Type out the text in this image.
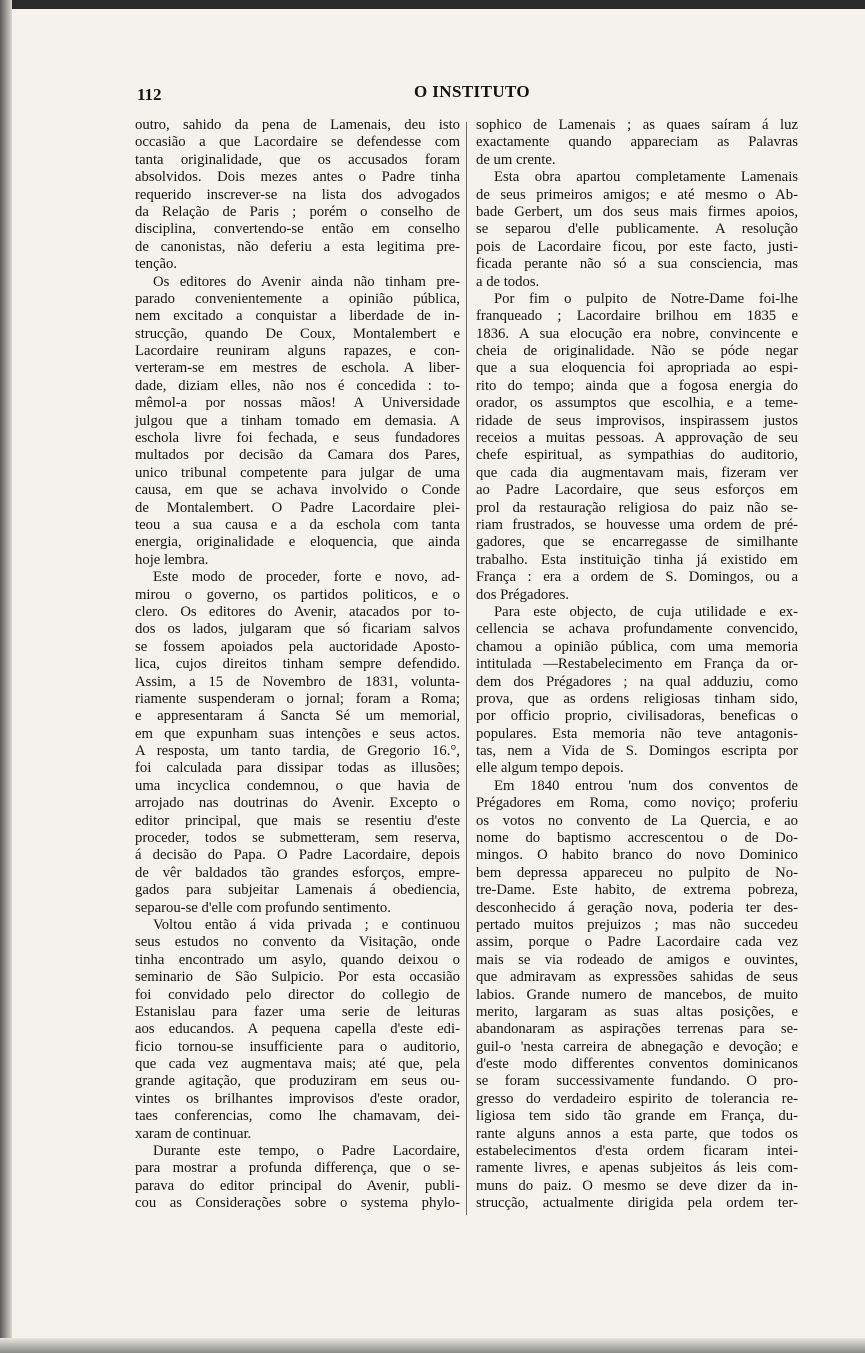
112	O INSTITUTO
outro, sahido da pena de Lamenais, deu isto
occasião a que Lacordaire se defendesse com
tanta originalidade, que os accusados foram
absolvidos. Dois mezes antes o Padre tinha
requerido inscrever-se na lista dos advogados
da Relação de Paris ; porém o conselho de
disciplina, convertendo-se então em conselho
de canonistas, não deferiu a esta legitima pre-
tenção.
Os editores do Avenir ainda não tinham pre-
parado convenientemente a opinião pública,
nem excitado a conquistar a liberdade de in-
strucção, quando De Coux, Montalembert e
Lacordaire reuniram alguns rapazes, e con-
verteram-se em mestres de eschola. A liber-
dade, diziam elles, não nos é concedida : to-
mêmol-a por nossas mãos! A Universidade
julgou que a tinham tomado em demasia. A
eschola livre foi fechada, e seus fundadores
multados por decisão da Camara dos Pares,
unico tribunal competente para julgar de uma
causa, em que se achava involvido o Conde
de Montalembert. O Padre Lacordaire plei-
teou a sua causa e a da eschola com tanta
energia, originalidade e eloquencia, que ainda
hoje lembra.
Este modo de proceder, forte e novo, ad-
mirou o governo, os partidos politicos, e o
clero. Os editores do Avenir, atacados por to-
dos os lados, julgaram que só ficariam salvos
se fossem apoiados pela auctoridade Aposto-
lica, cujos direitos tinham sempre defendido.
Assim, a 15 de Novembro de 1831, volunta-
riamente suspenderam o jornal; foram a Roma;
e appresentaram á Sancta Sé um memorial,
em que expunham suas intenções e seus actos.
A resposta, um tanto tardia, de Gregorio 16.°,
foi calculada para dissipar todas as illusões;
uma incyclica condemnou, o que havia de
arrojado nas doutrinas do Avenir. Excepto o
editor principal, que mais se resentiu d'este
proceder, todos se submetteram, sem reserva,
á decisão do Papa. O Padre Lacordaire, depois
de vêr baldados tão grandes esforços, empre-
gados para subjeitar Lamenais á obediencia,
separou-se d'elle com profundo sentimento.
Voltou então á vida privada ; e continuou
seus estudos no convento da Visitação, onde
tinha encontrado um asylo, quando deixou o
seminario de São Sulpicio. Por esta occasião
foi convidado pelo director do collegio de
Estanislau para fazer uma serie de leituras
aos educandos. A pequena capella d'este edi-
ficio tornou-se insufficiente para o auditorio,
que cada vez augmentava mais; até que, pela
grande agitação, que produziram em seus ou-
vintes os brilhantes improvisos d'este orador,
taes conferencias, como lhe chamavam, dei-
xaram de continuar.
Durante este tempo, o Padre Lacordaire,
para mostrar a profunda differença, que o se-
parava do editor principal do Avenir, publi-
cou as Considerações sobre o systema phylo-
sophico de Lamenais ; as quaes saíram á luz
exactamente quando appareciam as Palavras
de um crente.
Esta obra apartou completamente Lamenais
de seus primeiros amigos; e até mesmo o Ab-
bade Gerbert, um dos seus mais firmes apoios,
se separou d'elle publicamente. A resolução
pois de Lacordaire ficou, por este facto, justi-
ficada perante não só a sua consciencia, mas
a de todos.
Por fim o pulpito de Notre-Dame foi-lhe
franqueado ; Lacordaire brilhou em 1835 e
1836. A sua elocução era nobre, convincente e
cheia de originalidade. Não se póde negar
que a sua eloquencia foi apropriada ao espi-
rito do tempo; ainda que a fogosa energia do
orador, os assumptos que escolhia, e a teme-
ridade de seus improvisos, inspirassem justos
receios a muitas pessoas. A approvação de seu
chefe espiritual, as sympathias do auditorio,
que cada dia augmentavam mais, fizeram ver
ao Padre Lacordaire, que seus esforços em
prol da restauração religiosa do paiz não se-
riam frustrados, se houvesse uma ordem de pré-
gadores, que se encarregasse de similhante
trabalho. Esta instituição tinha já existido em
França : era a ordem de S. Domingos, ou a
dos Prégadores.
Para este objecto, de cuja utilidade e ex-
cellencia se achava profundamente convencido,
chamou a opinião pública, com uma memoria
intitulada —Restabelecimento em França da or-
dem dos Prégadores ; na qual adduziu, como
prova, que as ordens religiosas tinham sido,
por officio proprio, civilisadoras, beneficas o
populares. Esta memoria não teve antagonis-
tas, nem a Vida de S. Domingos escripta por
elle algum tempo depois.
Em 1840 entrou 'num dos conventos de
Prégadores em Roma, como noviço; proferiu
os votos no convento de La Quercia, e ao
nome do baptismo accrescentou o de Do-
mingos. O habito branco do novo Dominico
bem depressa appareceu no pulpito de No-
tre-Dame. Este habito, de extrema pobreza,
desconhecido á geração nova, poderia ter des-
pertado muitos prejuizos ; mas não succedeu
assim, porque o Padre Lacordaire cada vez
mais se via rodeado de amigos e ouvintes,
que admiravam as expressões sahidas de seus
labios. Grande numero de mancebos, de muito
merito, largaram as suas altas posições, e
abandonaram as aspirações terrenas para se-
guil-o 'nesta carreira de abnegação e devoção; e
d'este modo differentes conventos dominicanos
se foram successivamente fundando. O pro-
gresso do verdadeiro espirito de tolerancia re-
ligiosa tem sido tão grande em França, du-
rante alguns annos a esta parte, que todos os
estabelecimentos d'esta ordem ficaram intei-
ramente livres, e apenas subjeitos ás leis com-
muns do paiz. O mesmo se deve dizer da in-
strucção, actualmente dirigida pela ordem ter-
